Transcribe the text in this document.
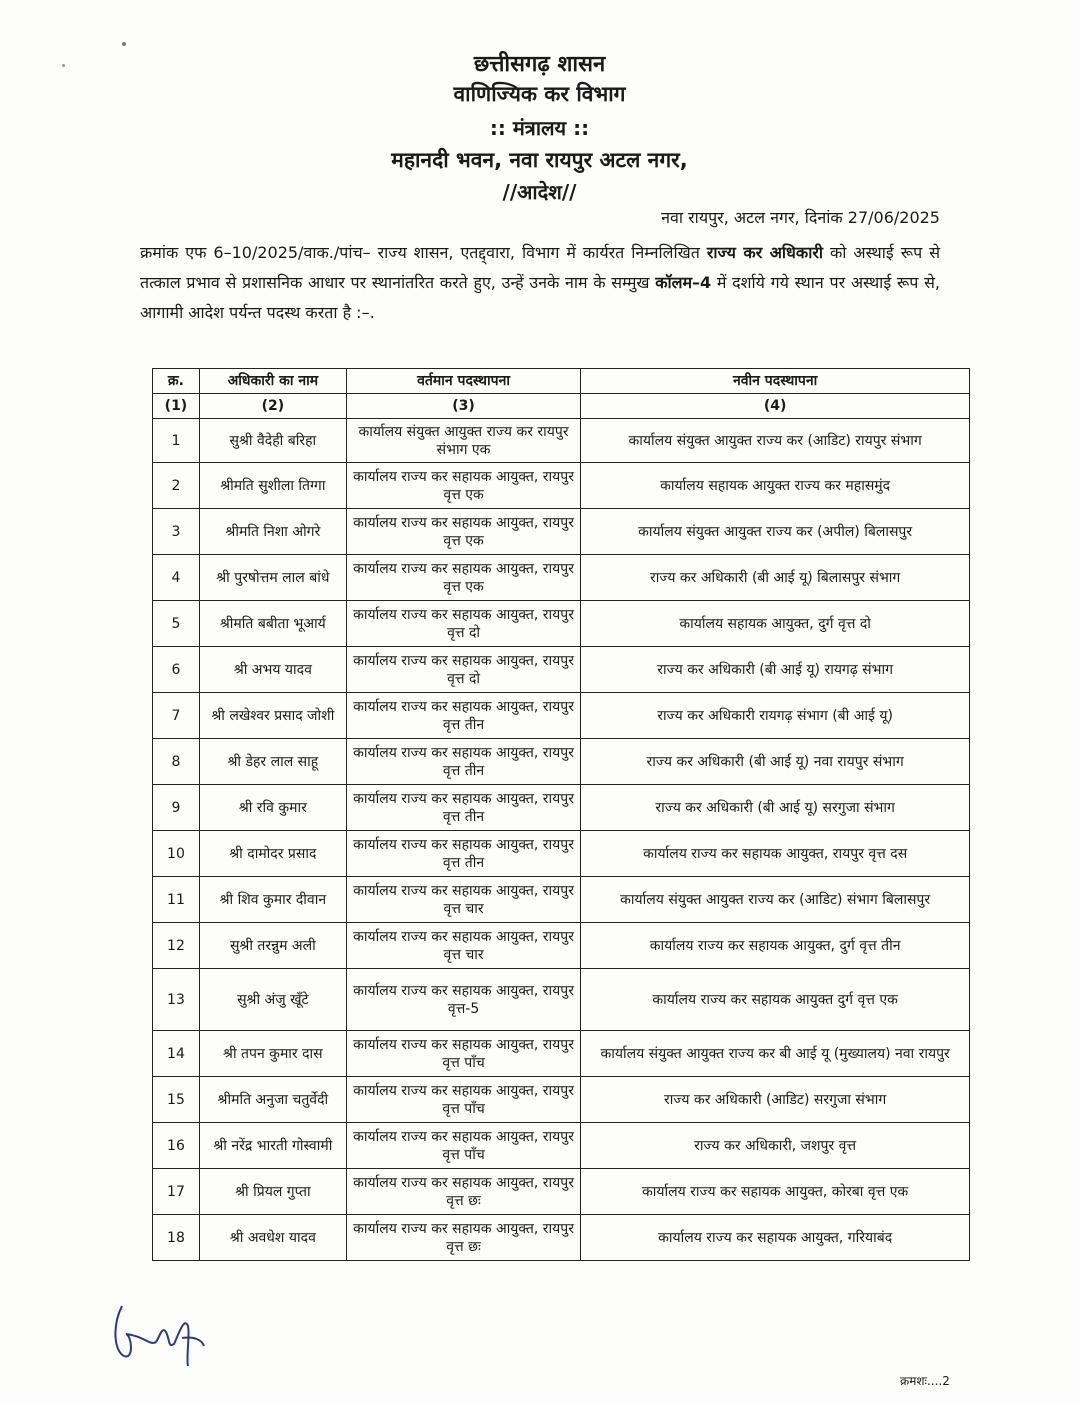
छत्तीसगढ़ शासन
वाणिज्यिक कर विभाग
:: मंत्रालय ::
महानदी भवन, नवा रायपुर अटल नगर,
//आदेश//
नवा रायपुर, अटल नगर, दिनांक 27/06/2025
क्रमांक एफ 6–10/2025/वाक./पांच– राज्य शासन, एतद्द्वारा, विभाग में कार्यरत निम्नलिखित राज्य कर अधिकारी को अस्थाई रूप से तत्काल प्रभाव से प्रशासनिक आधार पर स्थानांतरित करते हुए, उन्हें उनके नाम के सम्मुख कॉलम–4 में दर्शाये गये स्थान पर अस्थाई रूप से, आगामी आदेश पर्यन्त पदस्थ करता है :–.
क्र.	अधिकारी का नाम	वर्तमान पदस्थापना	नवीन पदस्थापना
(1)	(2)	(3)	(4)
1	सुश्री वैदेही बरिहा	कार्यालय संयुक्त आयुक्त राज्य कर रायपुर संभाग एक	कार्यालय संयुक्त आयुक्त राज्य कर (आडिट) रायपुर संभाग
2	श्रीमति सुशीला तिग्गा	कार्यालय राज्य कर सहायक आयुक्त, रायपुर वृत्त एक	कार्यालय सहायक आयुक्त राज्य कर महासमुंद
3	श्रीमति निशा ओगरे	कार्यालय राज्य कर सहायक आयुक्त, रायपुर वृत्त एक	कार्यालय संयुक्त आयुक्त राज्य कर (अपील) बिलासपुर
4	श्री पुरषोत्तम लाल बांधे	कार्यालय राज्य कर सहायक आयुक्त, रायपुर वृत्त एक	राज्य कर अधिकारी (बी आई यू) बिलासपुर संभाग
5	श्रीमति बबीता भूआर्य	कार्यालय राज्य कर सहायक आयुक्त, रायपुर वृत्त दो	कार्यालय सहायक आयुक्त, दुर्ग वृत्त दो
6	श्री अभय यादव	कार्यालय राज्य कर सहायक आयुक्त, रायपुर वृत्त दो	राज्य कर अधिकारी (बी आई यू) रायगढ़ संभाग
7	श्री लखेश्वर प्रसाद जोशी	कार्यालय राज्य कर सहायक आयुक्त, रायपुर वृत्त तीन	राज्य कर अधिकारी रायगढ़ संभाग (बी आई यू)
8	श्री डेहर लाल साहू	कार्यालय राज्य कर सहायक आयुक्त, रायपुर वृत्त तीन	राज्य कर अधिकारी (बी आई यू) नवा रायपुर संभाग
9	श्री रवि कुमार	कार्यालय राज्य कर सहायक आयुक्त, रायपुर वृत्त तीन	राज्य कर अधिकारी (बी आई यू) सरगुजा संभाग
10	श्री दामोदर प्रसाद	कार्यालय राज्य कर सहायक आयुक्त, रायपुर वृत्त तीन	कार्यालय राज्य कर सहायक आयुक्त, रायपुर वृत्त दस
11	श्री शिव कुमार दीवान	कार्यालय राज्य कर सहायक आयुक्त, रायपुर वृत्त चार	कार्यालय संयुक्त आयुक्त राज्य कर (आडिट) संभाग बिलासपुर
12	सुश्री तरन्नुम अली	कार्यालय राज्य कर सहायक आयुक्त, रायपुर वृत्त चार	कार्यालय राज्य कर सहायक आयुक्त, दुर्ग वृत्त तीन
13	सुश्री अंजु खूँटे	कार्यालय राज्य कर सहायक आयुक्त, रायपुर वृत्त-5	कार्यालय राज्य कर सहायक आयुक्त दुर्ग वृत्त एक
14	श्री तपन कुमार दास	कार्यालय राज्य कर सहायक आयुक्त, रायपुर वृत्त पाँच	कार्यालय संयुक्त आयुक्त राज्य कर बी आई यू (मुख्यालय) नवा रायपुर
15	श्रीमति अनुजा चतुर्वेदी	कार्यालय राज्य कर सहायक आयुक्त, रायपुर वृत्त पाँच	राज्य कर अधिकारी (आडिट) सरगुजा संभाग
16	श्री नरेंद्र भारती गोस्वामी	कार्यालय राज्य कर सहायक आयुक्त, रायपुर वृत्त पाँच	राज्य कर अधिकारी, जशपुर वृत्त
17	श्री प्रियल गुप्ता	कार्यालय राज्य कर सहायक आयुक्त, रायपुर वृत्त छः	कार्यालय राज्य कर सहायक आयुक्त, कोरबा वृत्त एक
18	श्री अवधेश यादव	कार्यालय राज्य कर सहायक आयुक्त, रायपुर वृत्त छः	कार्यालय राज्य कर सहायक आयुक्त, गरियाबंद
क्रमशः....2
